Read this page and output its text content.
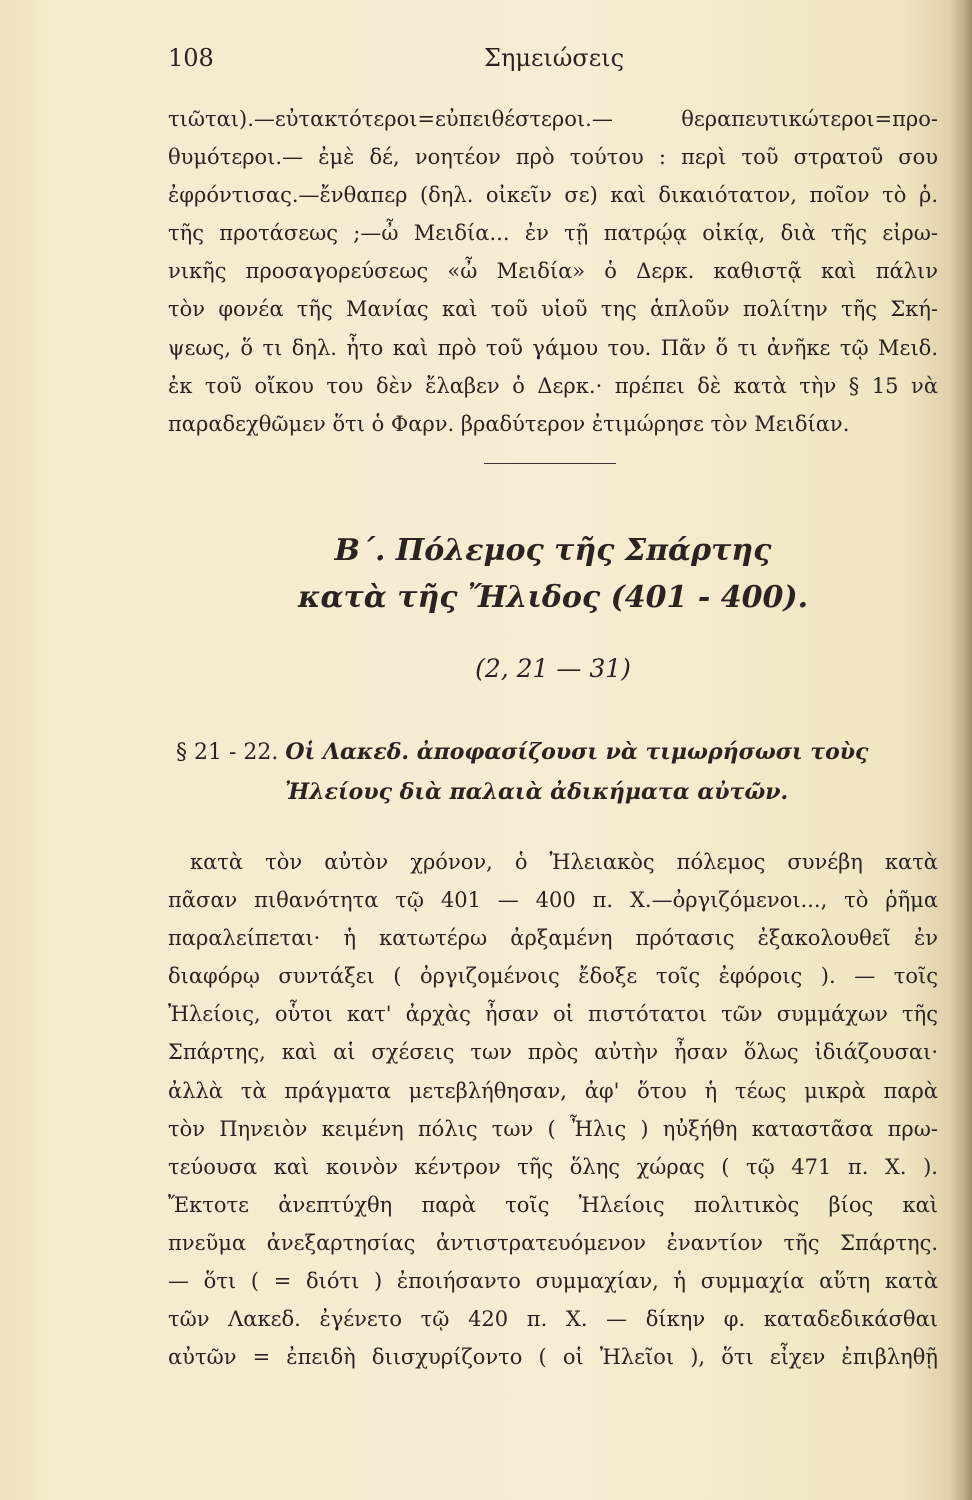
108	Σημειώσεις
τιῶται).—εὐτακτότεροι=εὐπειθέστεροι.— θεραπευτικώτεροι=προ-
θυμότεροι.— ἐμὲ δέ, νοητέον πρὸ τούτου : περὶ τοῦ στρατοῦ σου
ἐφρόντισας.—ἔνθαπερ (δηλ. οἰκεῖν σε) καὶ δικαιότατον, ποῖον τὸ ῥ.
τῆς προτάσεως ;—ὦ Μειδία... ἐν τῇ πατρῴᾳ οἰκίᾳ, διὰ τῆς εἰρω-
νικῆς προσαγορεύσεως «ὦ Μειδία» ὁ Δερκ. καθιστᾷ καὶ πάλιν
τὸν φονέα τῆς Μανίας καὶ τοῦ υἱοῦ της ἁπλοῦν πολίτην τῆς Σκή-
ψεως, ὅ τι δηλ. ἦτο καὶ πρὸ τοῦ γάμου του. Πᾶν ὅ τι ἀνῆκε τῷ Μειδ.
ἐκ τοῦ οἴκου του δὲν ἔλαβεν ὁ Δερκ.· πρέπει δὲ κατὰ τὴν § 15 νὰ
παραδεχθῶμεν ὅτι ὁ Φαρν. βραδύτερον ἐτιμώρησε τὸν Μειδίαν.
Β΄. Πόλεμος τῆς Σπάρτης
κατὰ τῆς Ἤλιδος (401 - 400).
(2, 21 — 31)
§ 21 - 22. Οἱ Λακεδ. ἀποφασίζουσι νὰ τιμωρήσωσι τοὺς
Ἠλείους διὰ παλαιὰ ἀδικήματα αὐτῶν.
κατὰ τὸν αὐτὸν χρόνον, ὁ Ἠλειακὸς πόλεμος συνέβη κατὰ
πᾶσαν πιθανότητα τῷ 401 — 400 π. Χ.—ὀργιζόμενοι..., τὸ ῥῆμα
παραλείπεται· ἡ κατωτέρω ἀρξαμένη πρότασις ἐξακολουθεῖ ἐν
διαφόρῳ συντάξει ( ὀργιζομένοις ἔδοξε τοῖς ἐφόροις ). — τοῖς
Ἠλείοις, οὗτοι κατ' ἀρχὰς ἦσαν οἱ πιστότατοι τῶν συμμάχων τῆς
Σπάρτης, καὶ αἱ σχέσεις των πρὸς αὐτὴν ἦσαν ὅλως ἰδιάζουσαι·
ἀλλὰ τὰ πράγματα μετεβλήθησαν, ἀφ' ὅτου ἡ τέως μικρὰ παρὰ
τὸν Πηνειὸν κειμένη πόλις των ( Ἦλις ) ηὐξήθη καταστᾶσα πρω-
τεύουσα καὶ κοινὸν κέντρον τῆς ὅλης χώρας ( τῷ 471 π. Χ. ).
Ἔκτοτε ἀνεπτύχθη παρὰ τοῖς Ἠλείοις πολιτικὸς βίος καὶ
πνεῦμα ἀνεξαρτησίας ἀντιστρατευόμενον ἐναντίον τῆς Σπάρτης.
— ὅτι ( = διότι ) ἐποιήσαντο συμμαχίαν, ἡ συμμαχία αὕτη κατὰ
τῶν Λακεδ. ἐγένετο τῷ 420 π. Χ. — δίκην φ. καταδεδικάσθαι
αὐτῶν = ἐπειδὴ διισχυρίζοντο ( οἱ Ἠλεῖοι ), ὅτι εἶχεν ἐπιβληθῇ
